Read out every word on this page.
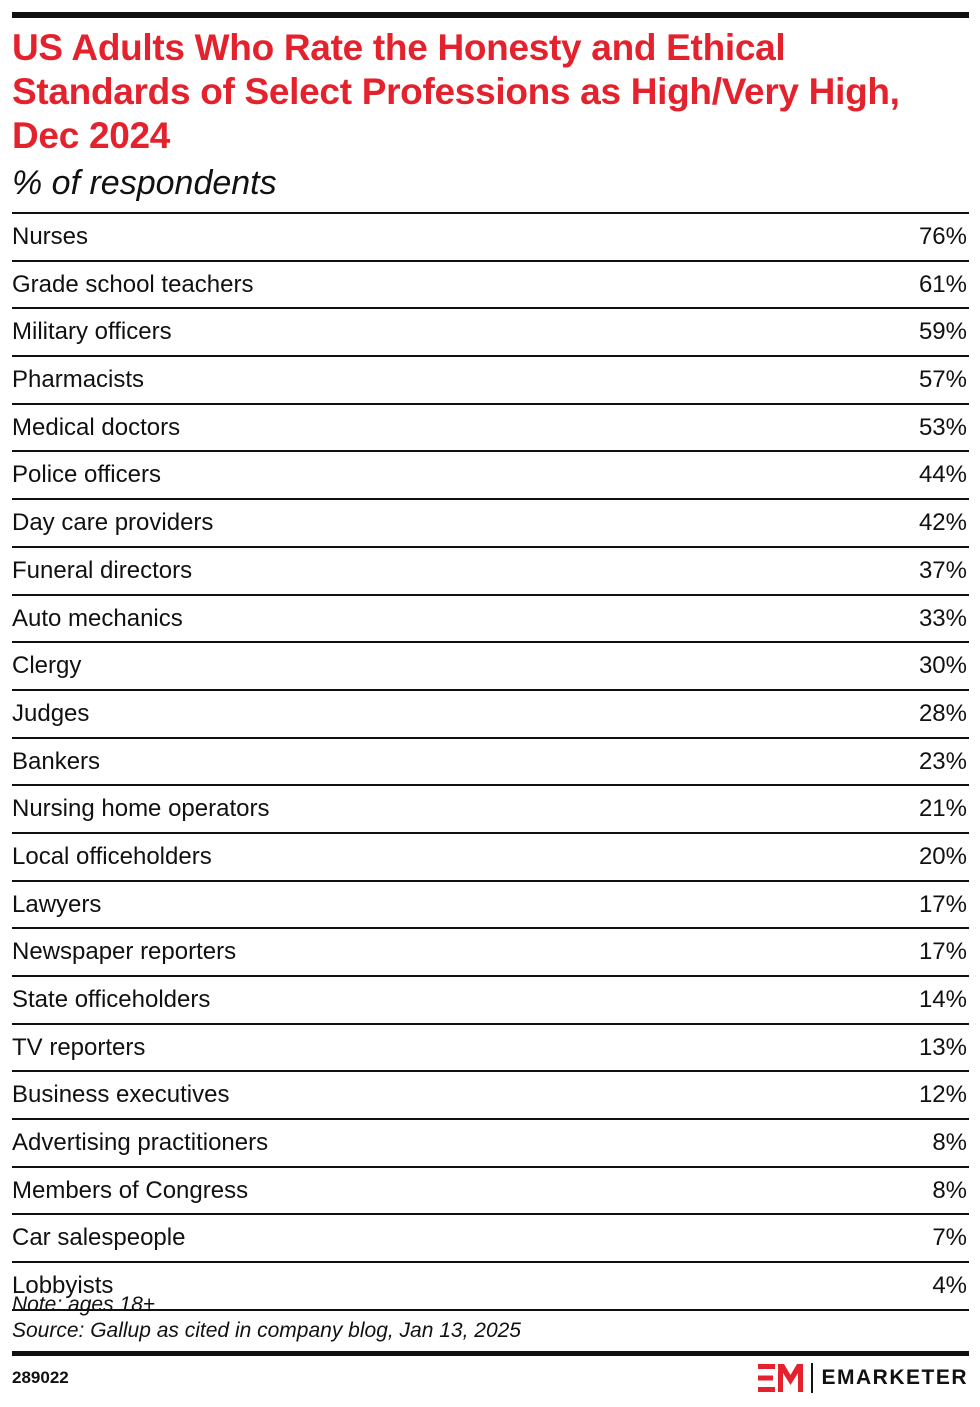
US Adults Who Rate the Honesty and Ethical Standards of Select Professions as High/Very High, Dec 2024

% of respondents

Nurses	76%
Grade school teachers	61%
Military officers	59%
Pharmacists	57%
Medical doctors	53%
Police officers	44%
Day care providers	42%
Funeral directors	37%
Auto mechanics	33%
Clergy	30%
Judges	28%
Bankers	23%
Nursing home operators	21%
Local officeholders	20%
Lawyers	17%
Newspaper reporters	17%
State officeholders	14%
TV reporters	13%
Business executives	12%
Advertising practitioners	8%
Members of Congress	8%
Car salespeople	7%
Lobbyists	4%

Note: ages 18+

Source: Gallup as cited in company blog, Jan 13, 2025

289022	EMARKETER
